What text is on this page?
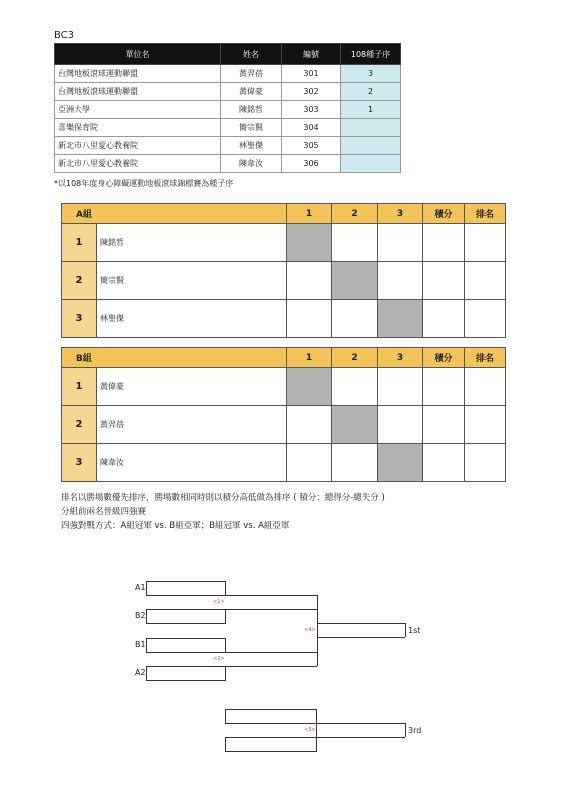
BC3
單位名	姓名	編號	108種子序
台灣地板滾球運動聯盟	黃羿蓓	301	3
台灣地板滾球運動聯盟	黃偉豪	302	2
亞洲大學	陳銘哲	303	1
喜樂保育院	簡宗賢	304	
新北市八里愛心教養院	林聖傑	305	
新北市八里愛心教養院	陳韋汝	306	
*以108年度身心障礙運動地板滾球錦標賽為種子序
A組		1	2	3	積分	排名
1	陳銘哲					
2	簡宗賢					
3	林聖傑					
B組		1	2	3	積分	排名
1	黃偉豪					
2	黃羿蓓					
3	陳韋汝					
排名以勝場數優先排序，勝場數相同時則以積分高低做為排序 ( 積分：總得分-總失分 )
分組前兩名晉級四強賽
四強對戰方式：A組冠軍 vs. B組亞軍；B組冠軍 vs. A組亞軍
A1
B2
B1
A2
<1>
<2>
<4>	1st
<3>	3rd
